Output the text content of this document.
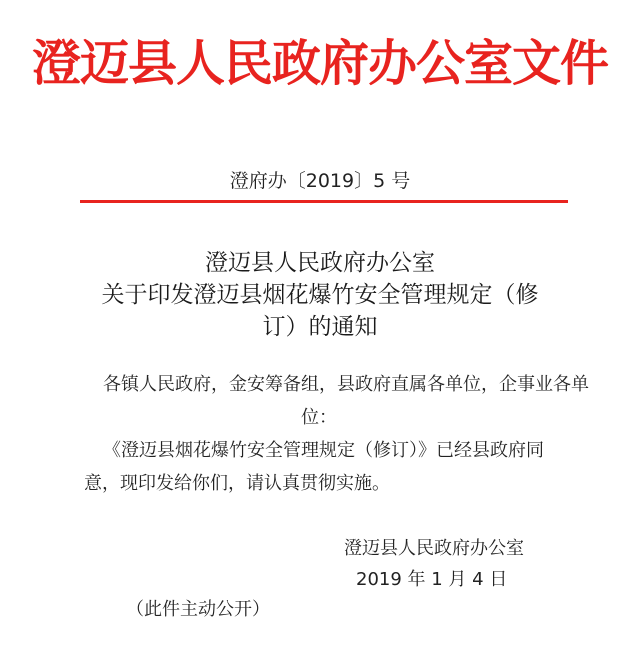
澄迈县人民政府办公室文件
澄府办〔2019〕5 号
澄迈县人民政府办公室
关于印发澄迈县烟花爆竹安全管理规定（修
订）的通知
各镇人民政府，金安筹备组，县政府直属各单位，企事业各单
位：
《澄迈县烟花爆竹安全管理规定（修订）》已经县政府同
意，现印发给你们，请认真贯彻实施。
澄迈县人民政府办公室
2019 年 1 月 4 日
（此件主动公开）
